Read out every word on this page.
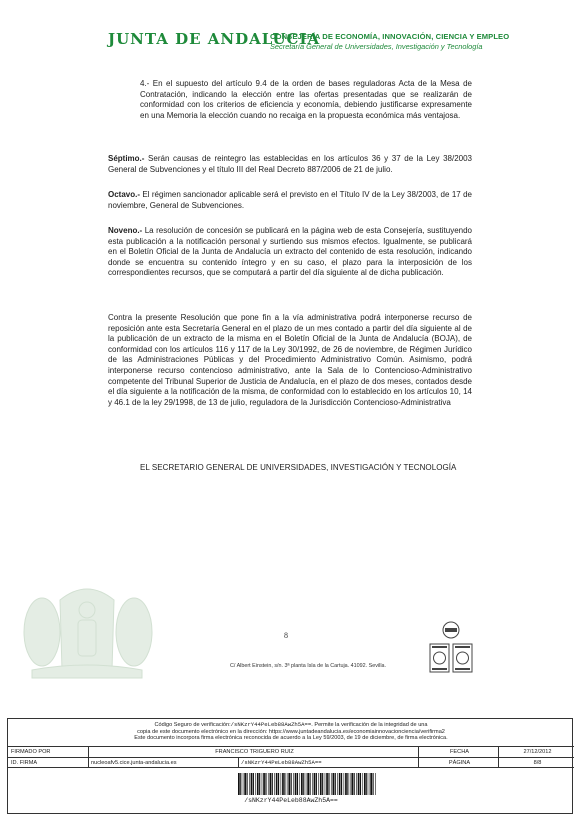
JUNTA DE ANDALUCIA
CONSEJERÍA DE ECONOMÍA, INNOVACIÓN, CIENCIA Y EMPLEO
Secretaría General de Universidades, Investigación y Tecnología
4.- En el supuesto del artículo 9.4 de la orden de bases reguladoras Acta de la Mesa de Contratación, indicando la elección entre las ofertas presentadas que se realizarán de conformidad con los criterios de eficiencia y economía, debiendo justificarse expresamente en una Memoria la elección cuando no recaiga en la propuesta económica más ventajosa.
Séptimo.- Serán causas de reintegro las establecidas en los artículos 36 y 37 de la Ley 38/2003 General de Subvenciones y el título III del Real Decreto 887/2006 de 21 de julio.
Octavo.- El régimen sancionador aplicable será el previsto en el Título IV de la Ley 38/2003, de 17 de noviembre, General de Subvenciones.
Noveno.- La resolución de concesión se publicará en la página web de esta Consejería, sustituyendo esta publicación a la notificación personal y surtiendo sus mismos efectos. Igualmente, se publicará en el Boletín Oficial de la Junta de Andalucía un extracto del contenido de esta resolución, indicando donde se encuentra su contenido íntegro y en su caso, el plazo para la interposición de los correspondientes recursos, que se computará a partir del día siguiente al de dicha publicación.
Contra la presente Resolución que pone fin a la vía administrativa podrá interponerse recurso de reposición ante esta Secretaría General en el plazo de un mes contado a partir del día siguiente al de la publicación de un extracto de la misma en el Boletín Oficial de la Junta de Andalucía (BOJA), de conformidad con los artículos 116 y 117 de la Ley 30/1992, de 26 de noviembre, de Régimen Jurídico de las Administraciones Públicas y del Procedimiento Administrativo Común. Asimismo, podrá interponerse recurso contencioso administrativo, ante la Sala de lo Contencioso-Administrativo competente del Tribunal Superior de Justicia de Andalucía, en el plazo de dos meses, contados desde el día siguiente a la notificación de la misma, de conformidad con lo establecido en los artículos 10, 14 y 46.1 de la ley 29/1998, de 13 de julio, reguladora de la Jurisdicción Contencioso-Administrativa
EL SECRETARIO GENERAL DE UNIVERSIDADES, INVESTIGACIÓN Y TECNOLOGÍA
8
C/ Albert Einstein, s/n. 3ª planta Isla de la Cartuja. 41092. Sevilla.
Código Seguro de verificación:/sNKzrY44PeLeb88AwZh5A==. Permite la verificación de la integridad de una
copia de este documento electrónico en la dirección: https://www.juntadeandalucia.es/economiainnovacionciencia/verifirma2
Este documento incorpora firma electrónica reconocida de acuerdo a la Ley 59/2003, de 19 de diciembre, de firma electrónica.
FIRMADO POR	FRANCISCO TRIGUERO RUIZ	FECHA	27/12/2012
ID. FIRMA	nucleoafv5.cice.junta-andalucia.es	/sNKzrY44PeLeb88AwZh5A==	PÁGINA	8/8
/sNKzrY44PeLeb88AwZh5A==
